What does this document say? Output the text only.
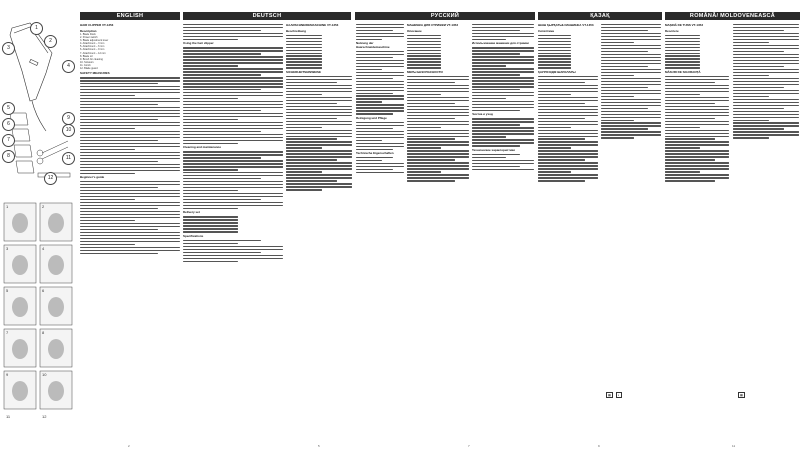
ENGLISH	DEUTSCH	РУССКИЙ	ҚАЗАҚ	ROMÂNĂ/ MOLDOVENEASCĂ
1	2
3	4
5	6
7	8
9	10
11	12
1
2
3
4
5
6
7
8
9
10
11
12
HAIR CLIPPER VT-1353
Description
1. Blade block
2. Power switch
3. Blade adjustment lever
4. Attachment – 3 mm
5. Attachment – 6 mm
6. Attachment – 9 mm
7. Attachment – 12 mm
8. Blade oil
9. Brush for cleaning
10. Scissors
11. Comb
12. Blade guard
SAFETY MEASURES
Beginner's guide
Using the hair clipper
Cleaning and maintenance
Delivery set
Specifications
HAARSCHNEIDEMASCHINE VT-1353
Beschreibung
SICHERHEITSHINWEISE
Nutzung der Haarschneidemaschine
Reinigung und Pflege
Technische Eigenschaften
МАШИНКА ДЛЯ СТРИЖКИ VT-1353
Описание
МЕРЫ БЕЗОПАСНОСТИ
Использование машинки для стрижки
Чистка и уход
Технические характеристики
ШАШ ҚЫРҚАТЫН МАШИНКА VT-1353
Сипаттама
ҚАУІПСІЗДІК ШАРАЛАРЫ
MAȘINĂ DE TUNS VT-1353
Descriere
MĂSURI DE SIGURANȚĂ
2	5	7	9	11
▦	◐	▦
